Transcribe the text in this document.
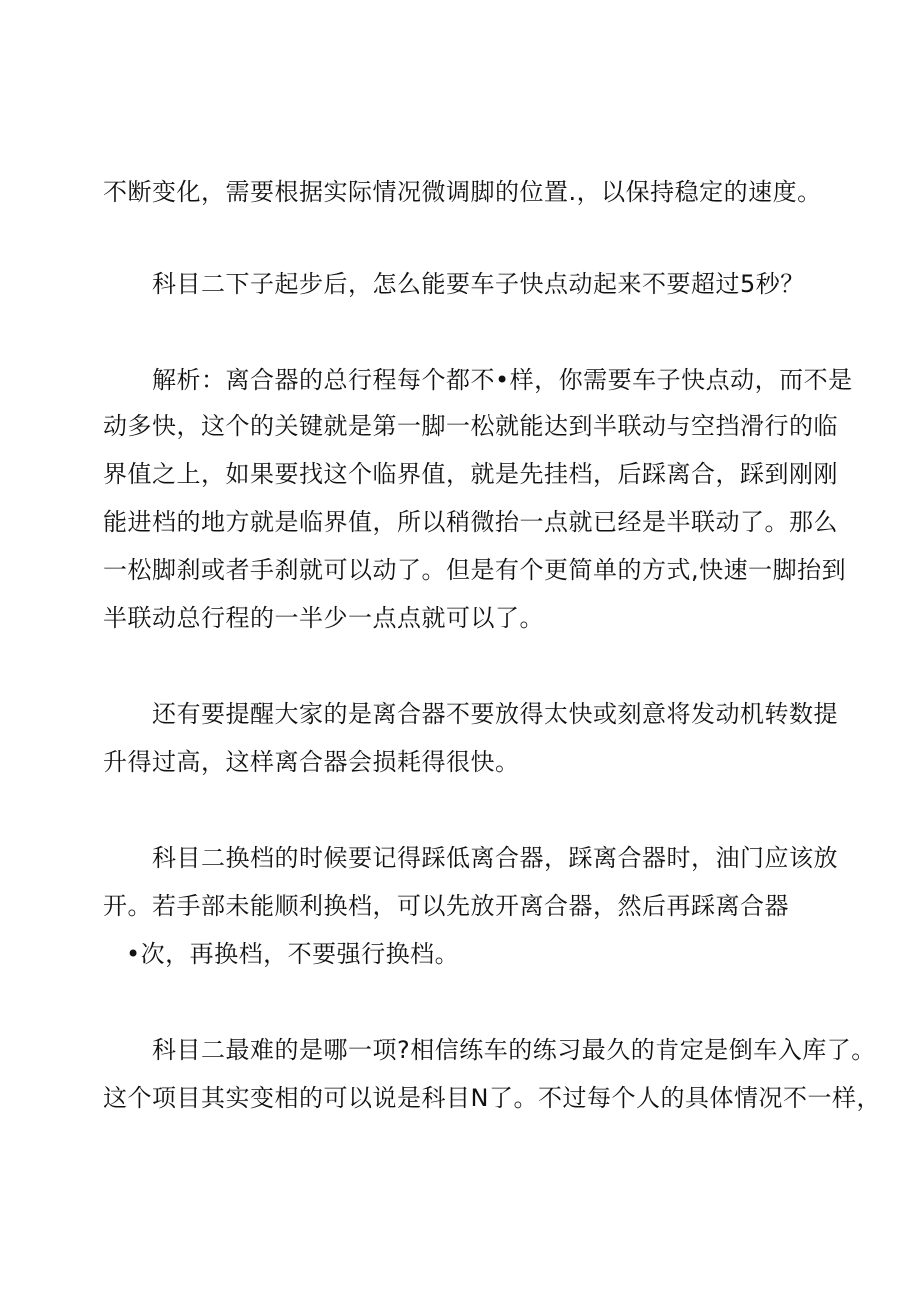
不断变化，需要根据实际情况微调脚的位置.，以保持稳定的速度。

科目二下子起步后，怎么能要车子快点动起来不要超过5秒？

解析：离合器的总行程每个都不•样，你需要车子快点动，而不是

动多快，这个的关键就是第一脚一松就能达到半联动与空挡滑行的临

界值之上，如果要找这个临界值，就是先挂档，后踩离合，踩到刚刚

能进档的地方就是临界值，所以稍微抬一点就已经是半联动了。那么

一松脚刹或者手刹就可以动了。但是有个更简单的方式,快速一脚抬到

半联动总行程的一半少一点点就可以了。

还有要提醒大家的是离合器不要放得太快或刻意将发动机转数提

升得过高，这样离合器会损耗得很快。

科目二换档的时候要记得踩低离合器，踩离合器时，油门应该放

开。若手部未能顺利换档，可以先放开离合器，然后再踩离合器

•次，再换档，不要强行换档。

科目二最难的是哪一项?相信练车的练习最久的肯定是倒车入库了。

这个项目其实变相的可以说是科目N了。不过每个人的具体情况不一样，
